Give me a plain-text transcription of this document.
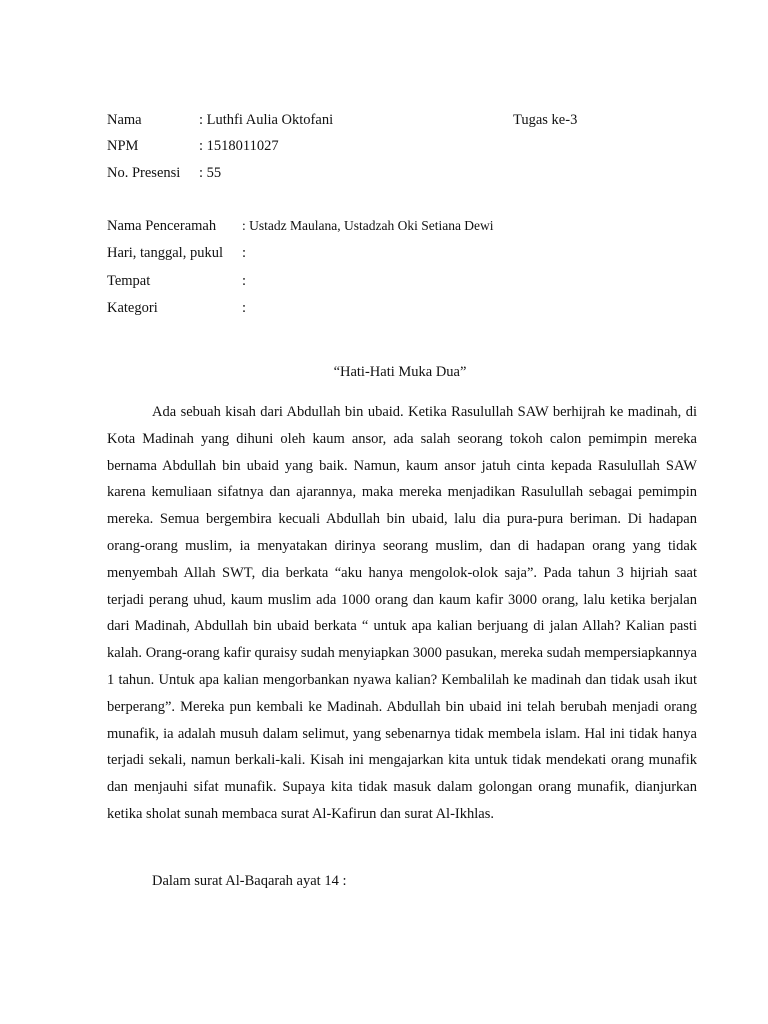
Nama	: Luthfi Aulia Oktofani	Tugas ke-3
NPM	: 1518011027
No. Presensi : 55
Nama Penceramah : Ustadz Maulana, Ustadzah Oki Setiana Dewi
Hari, tanggal, pukul :
Tempat	:
Kategori	:
“Hati-Hati Muka Dua”

Ada sebuah kisah dari Abdullah bin ubaid. Ketika Rasulullah SAW berhijrah ke madinah, di Kota Madinah yang dihuni oleh kaum ansor, ada salah seorang tokoh calon pemimpin mereka bernama Abdullah bin ubaid yang baik. Namun, kaum ansor jatuh cinta kepada Rasulullah SAW karena kemuliaan sifatnya dan ajarannya, maka mereka menjadikan Rasulullah sebagai pemimpin mereka. Semua bergembira kecuali Abdullah bin ubaid, lalu dia pura-pura beriman. Di hadapan orang-orang muslim, ia menyatakan dirinya seorang muslim, dan di hadapan orang yang tidak menyembah Allah SWT, dia berkata “aku hanya mengolok-olok saja”. Pada tahun 3 hijriah saat terjadi perang uhud, kaum muslim ada 1000 orang dan kaum kafir 3000 orang, lalu ketika berjalan dari Madinah, Abdullah bin ubaid berkata “ untuk apa kalian berjuang di jalan Allah? Kalian pasti kalah. Orang-orang kafir quraisy sudah menyiapkan 3000 pasukan, mereka sudah mempersiapkannya 1 tahun. Untuk apa kalian mengorbankan nyawa kalian? Kembalilah ke madinah dan tidak usah ikut berperang”. Mereka pun kembali ke Madinah. Abdullah bin ubaid ini telah berubah menjadi orang munafik, ia adalah musuh dalam selimut, yang sebenarnya tidak membela islam. Hal ini tidak hanya terjadi sekali, namun berkali-kali. Kisah ini mengajarkan kita untuk tidak mendekati orang munafik dan menjauhi sifat munafik. Supaya kita tidak masuk dalam golongan orang munafik, dianjurkan ketika sholat sunah membaca surat Al-Kafirun dan surat Al-Ikhlas.

Dalam surat Al-Baqarah ayat 14 :
